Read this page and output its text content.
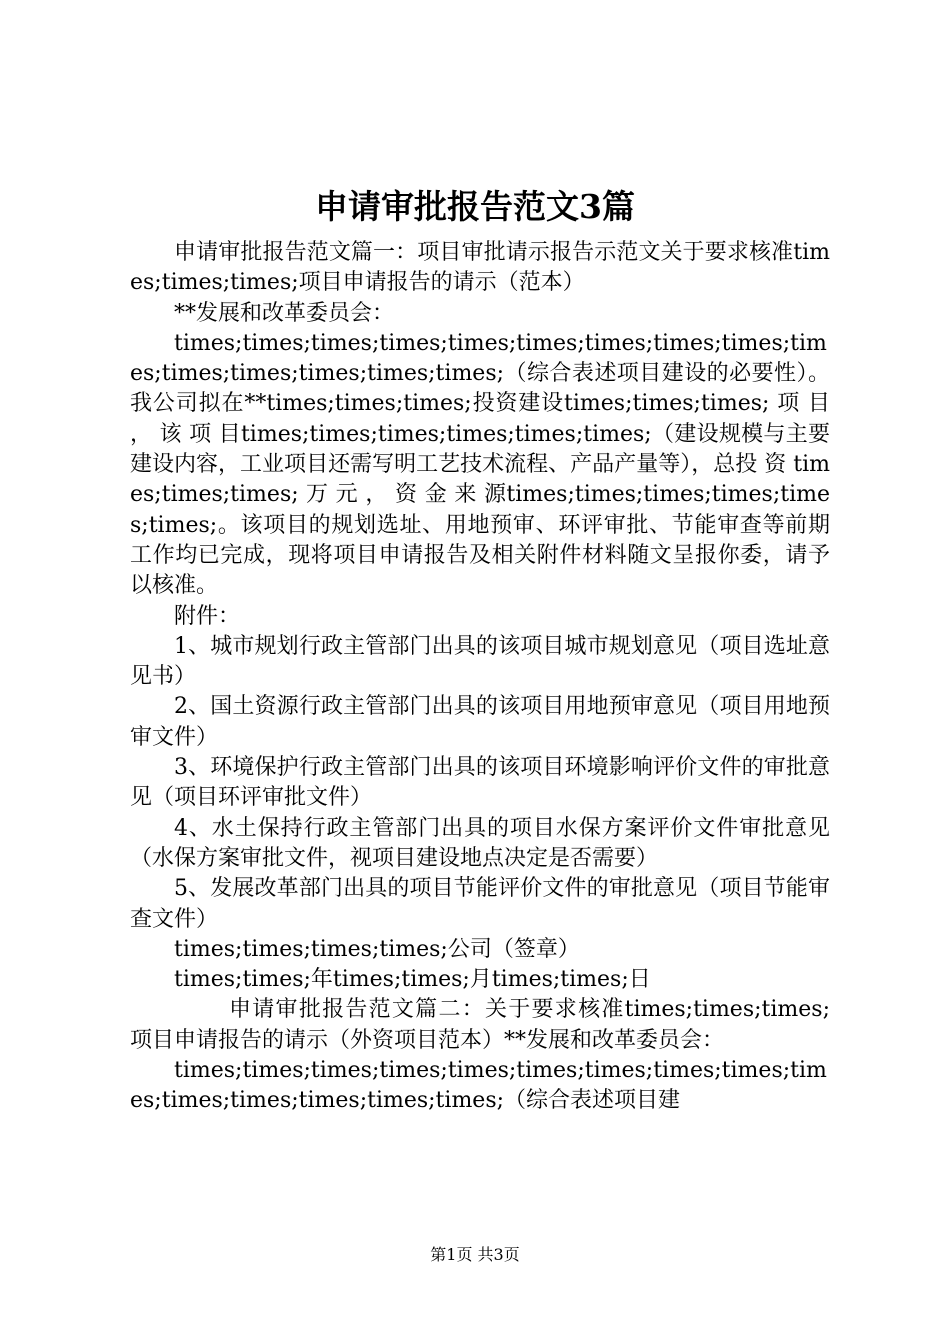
申请审批报告范文3篇

申请审批报告范文篇一：项目审批请示报告示范文关于要求核准times;times;times;项目申请报告的请示（范本）

**发展和改革委员会：

times;times;times;times;times;times;times;times;times;times;times;times;times;times;times;（综合表述项目建设的必要性）。我公司拟在**times;times;times;投资建设times;times;times; 项 目 ， 该 项 目times;times;times;times;times;times;（建设规模与主要建设内容，工业项目还需写明工艺技术流程、产品产量等），总投 资 times;times;times; 万 元 ， 资 金 来 源times;times;times;times;times;times;。该项目的规划选址、用地预审、环评审批、节能审查等前期工作均已完成，现将项目申请报告及相关附件材料随文呈报你委，请予以核准。

附件：

1、城市规划行政主管部门出具的该项目城市规划意见（项目选址意见书）

2、国土资源行政主管部门出具的该项目用地预审意见（项目用地预审文件）

3、环境保护行政主管部门出具的该项目环境影响评价文件的审批意见（项目环评审批文件）

4、水土保持行政主管部门出具的项目水保方案评价文件审批意见（水保方案审批文件，视项目建设地点决定是否需要）

5、发展改革部门出具的项目节能评价文件的审批意见（项目节能审查文件）

times;times;times;times;公司（签章）

times;times;年times;times;月times;times;日

申请审批报告范文篇二：关于要求核准times;times;times;项目申请报告的请示（外资项目范本）**发展和改革委员会：

times;times;times;times;times;times;times;times;times;times;times;times;times;times;times;（综合表述项目建

第1页 共3页
